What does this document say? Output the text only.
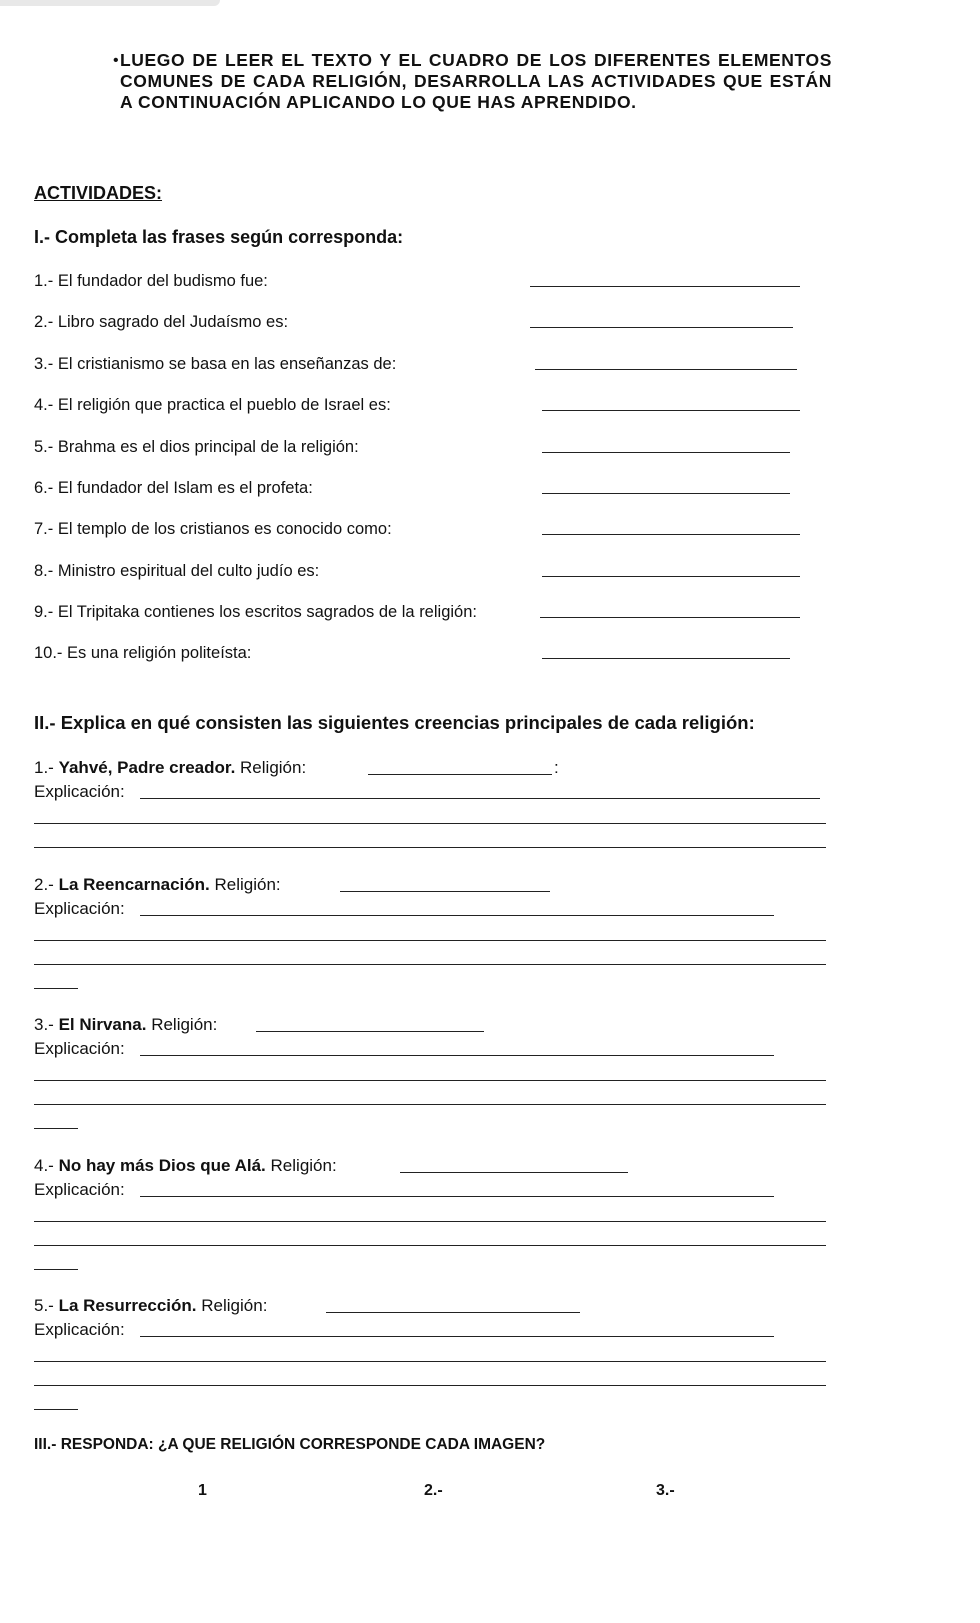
• LUEGO DE LEER EL TEXTO Y EL CUADRO DE LOS DIFERENTES ELEMENTOS COMUNES DE CADA RELIGIÓN, DESARROLLA LAS ACTIVIDADES QUE ESTÁN A CONTINUACIÓN APLICANDO LO QUE HAS APRENDIDO.
ACTIVIDADES:
I.- Completa las frases según corresponda:
1.- El fundador del budismo fue:
2.- Libro sagrado del Judaísmo es:
3.- El cristianismo se basa en las enseñanzas de:
4.- El religión que practica el pueblo de Israel es:
5.- Brahma es el dios principal de la religión:
6.- El fundador del Islam es el profeta:
7.- El templo de los cristianos es conocido como:
8.- Ministro espiritual del culto judío es:
9.- El Tripitaka contienes los escritos sagrados de la religión:
10.- Es una religión politeísta:
II.- Explica en qué consisten las siguientes creencias principales de cada religión:
1.- Yahvé, Padre creador. Religión:	:
Explicación:
2.- La Reencarnación. Religión:
Explicación:
3.- El Nirvana. Religión:
Explicación:
4.- No hay más Dios que Alá. Religión:
Explicación:
5.- La Resurrección. Religión:
Explicación:
III.- RESPONDA: ¿A QUE RELIGIÓN CORRESPONDE CADA IMAGEN?
1	2.-	3.-
